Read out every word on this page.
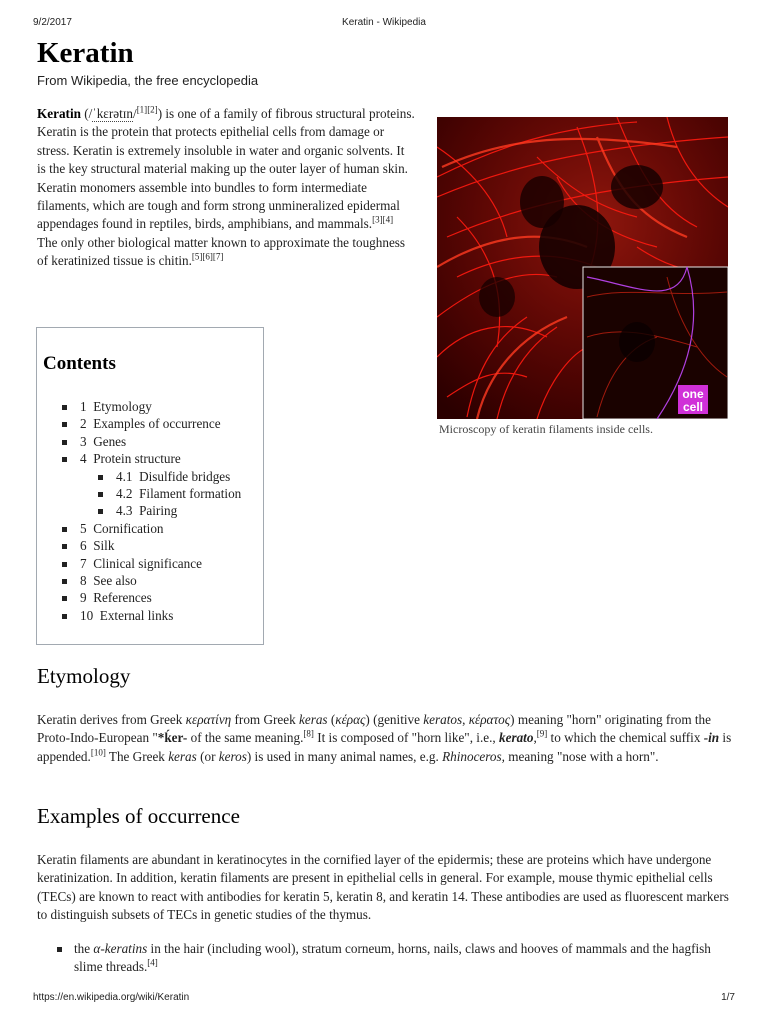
9/2/2017	Keratin - Wikipedia
Keratin
From Wikipedia, the free encyclopedia
Keratin (/ˈkɛrətɪn/[1][2]) is one of a family of fibrous structural proteins. Keratin is the protein that protects epithelial cells from damage or stress. Keratin is extremely insoluble in water and organic solvents. It is the key structural material making up the outer layer of human skin. Keratin monomers assemble into bundles to form intermediate filaments, which are tough and form strong unmineralized epidermal appendages found in reptiles, birds, amphibians, and mammals.[3][4] The only other biological matter known to approximate the toughness of keratinized tissue is chitin.[5][6][7]
one
cell
Microscopy of keratin filaments inside cells.
Contents
1 Etymology
2 Examples of occurrence
3 Genes
4 Protein structure
4.1 Disulfide bridges
4.2 Filament formation
4.3 Pairing
5 Cornification
6 Silk
7 Clinical significance
8 See also
9 References
10 External links
Etymology
Keratin derives from Greek κερατίνη from Greek keras (κέρας) (genitive keratos, κέρατος) meaning "horn" originating from the Proto-Indo-European "*ḱer- of the same meaning.[8] It is composed of "horn like", i.e., kerato,[9] to which the chemical suffix -in is appended.[10] The Greek keras (or keros) is used in many animal names, e.g. Rhinoceros, meaning "nose with a horn".
Examples of occurrence
Keratin filaments are abundant in keratinocytes in the cornified layer of the epidermis; these are proteins which have undergone keratinization. In addition, keratin filaments are present in epithelial cells in general. For example, mouse thymic epithelial cells (TECs) are known to react with antibodies for keratin 5, keratin 8, and keratin 14. These antibodies are used as fluorescent markers to distinguish subsets of TECs in genetic studies of the thymus.
the α-keratins in the hair (including wool), stratum corneum, horns, nails, claws and hooves of mammals and the hagfish slime threads.[4]
https://en.wikipedia.org/wiki/Keratin	1/7
